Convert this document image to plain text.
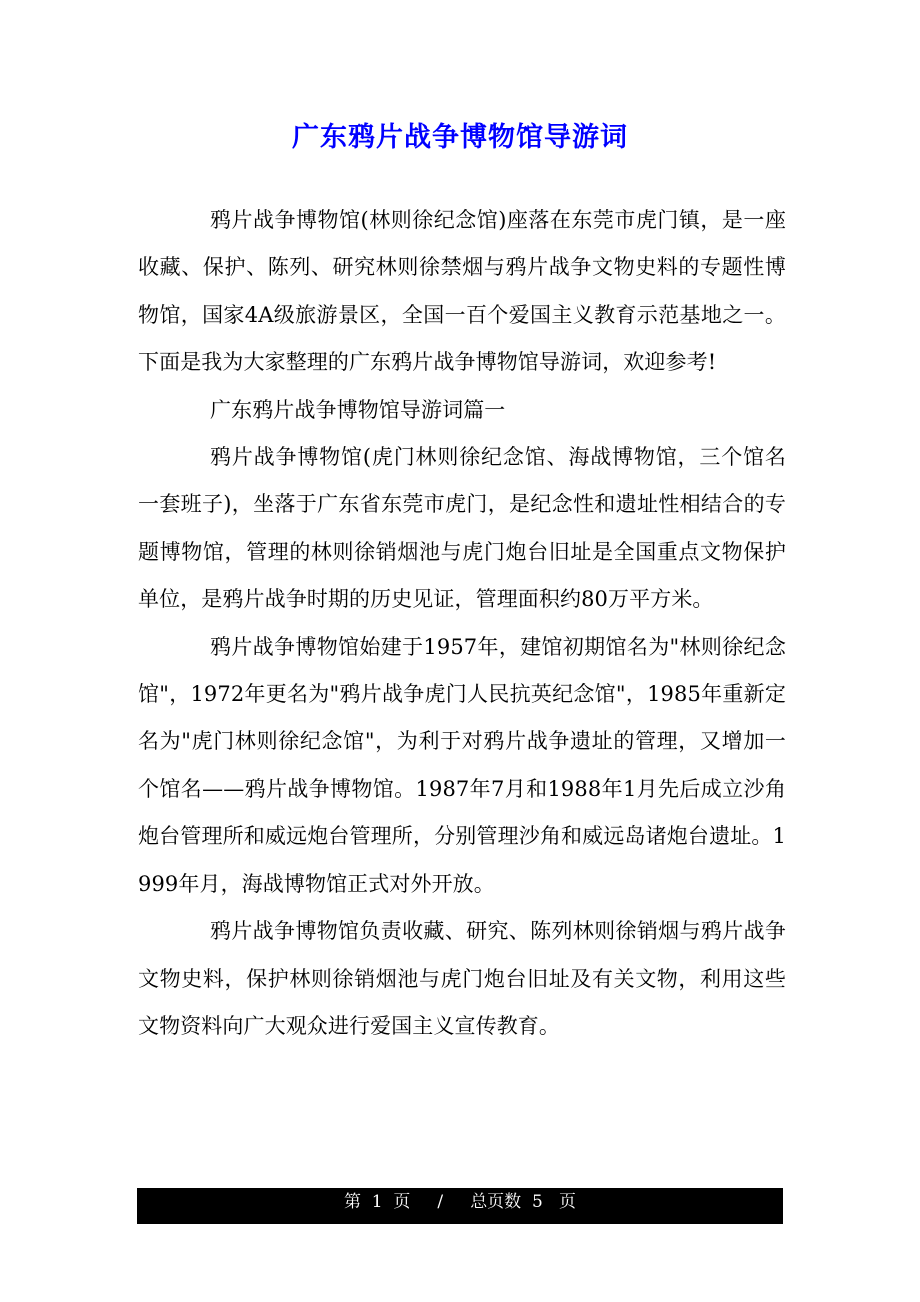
广东鸦片战争博物馆导游词

鸦片战争博物馆(林则徐纪念馆)座落在东莞市虎门镇，是一座收藏、保护、陈列、研究林则徐禁烟与鸦片战争文物史料的专题性博物馆，国家4A级旅游景区，全国一百个爱国主义教育示范基地之一。下面是我为大家整理的广东鸦片战争博物馆导游词，欢迎参考!

广东鸦片战争博物馆导游词篇一

鸦片战争博物馆(虎门林则徐纪念馆、海战博物馆，三个馆名一套班子)，坐落于广东省东莞市虎门，是纪念性和遗址性相结合的专题博物馆，管理的林则徐销烟池与虎门炮台旧址是全国重点文物保护单位，是鸦片战争时期的历史见证，管理面积约80万平方米。

鸦片战争博物馆始建于1957年，建馆初期馆名为"林则徐纪念馆"，1972年更名为"鸦片战争虎门人民抗英纪念馆"，1985年重新定名为"虎门林则徐纪念馆"，为利于对鸦片战争遗址的管理，又增加一个馆名——鸦片战争博物馆。1987年7月和1988年1月先后成立沙角炮台管理所和威远炮台管理所，分别管理沙角和威远岛诸炮台遗址。1999年月，海战博物馆正式对外开放。

鸦片战争博物馆负责收藏、研究、陈列林则徐销烟与鸦片战争文物史料，保护林则徐销烟池与虎门炮台旧址及有关文物，利用这些文物资料向广大观众进行爱国主义宣传教育。

第 1 页 / 总页数 5 页
